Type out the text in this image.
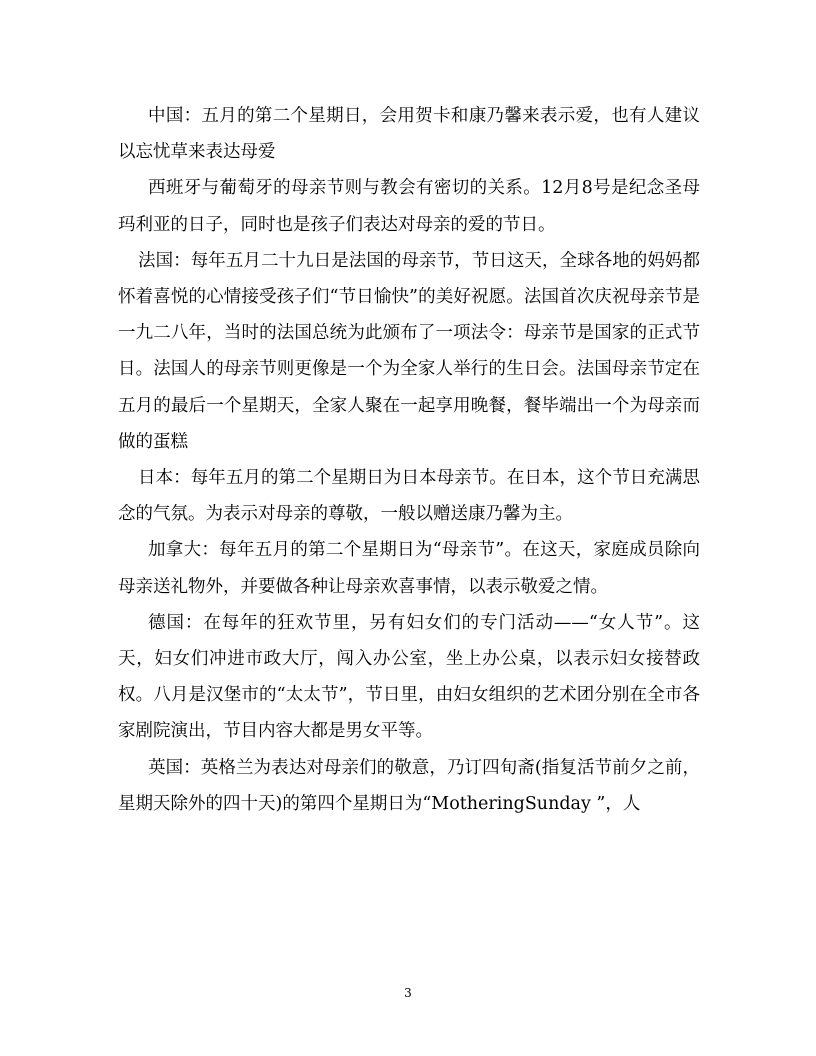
中国：五月的第二个星期日，会用贺卡和康乃馨来表示爱，也有人建议以忘忧草来表达母爱

西班牙与葡萄牙的母亲节则与教会有密切的关系。12月8号是纪念圣母玛利亚的日子，同时也是孩子们表达对母亲的爱的节日。

法国：每年五月二十九日是法国的母亲节，节日这天，全球各地的妈妈都怀着喜悦的心情接受孩子们“节日愉快”的美好祝愿。法国首次庆祝母亲节是一九二八年，当时的法国总统为此颁布了一项法令：母亲节是国家的正式节日。法国人的母亲节则更像是一个为全家人举行的生日会。法国母亲节定在五月的最后一个星期天，全家人聚在一起享用晚餐，餐毕端出一个为母亲而做的蛋糕

日本：每年五月的第二个星期日为日本母亲节。在日本，这个节日充满思念的气氛。为表示对母亲的尊敬，一般以赠送康乃馨为主。

加拿大：每年五月的第二个星期日为“母亲节”。在这天，家庭成员除向母亲送礼物外，并要做各种让母亲欢喜事情，以表示敬爱之情。

德国：在每年的狂欢节里，另有妇女们的专门活动——“女人节”。这天，妇女们冲进市政大厅，闯入办公室，坐上办公桌，以表示妇女接替政权。八月是汉堡市的“太太节”，节日里，由妇女组织的艺术团分别在全市各家剧院演出，节目内容大都是男女平等。

英国：英格兰为表达对母亲们的敬意，乃订四旬斋(指复活节前夕之前，星期天除外的四十天)的第四个星期日为“MotheringSunday ”，人

3
